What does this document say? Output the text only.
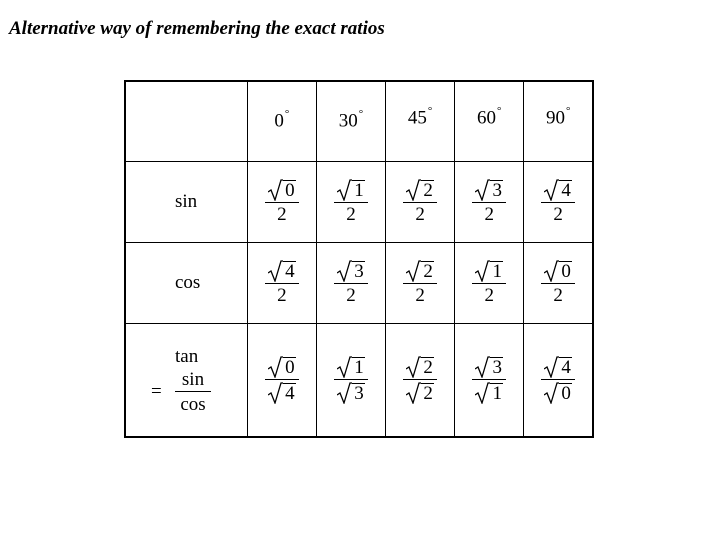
Alternative way of remembering the exact ratios
	0°	30°	45°	60°	90°
sin	$\frac{0}{2}$	$\frac{1}{2}$	$\frac{2}{2}$	$\frac{3}{2}$	$\frac{4}{2}$

cos	$\frac{4}{2}$	$\frac{3}{2}$	$\frac{2}{2}$	$\frac{1}{2}$	$\frac{0}{2}$

tan
= $\frac{\sin}{\cos}$	$\frac{0}{4}$	$\frac{1}{3}$	$\frac{2}{2}$	$\frac{3}{1}$	$\frac{4}{0}$
